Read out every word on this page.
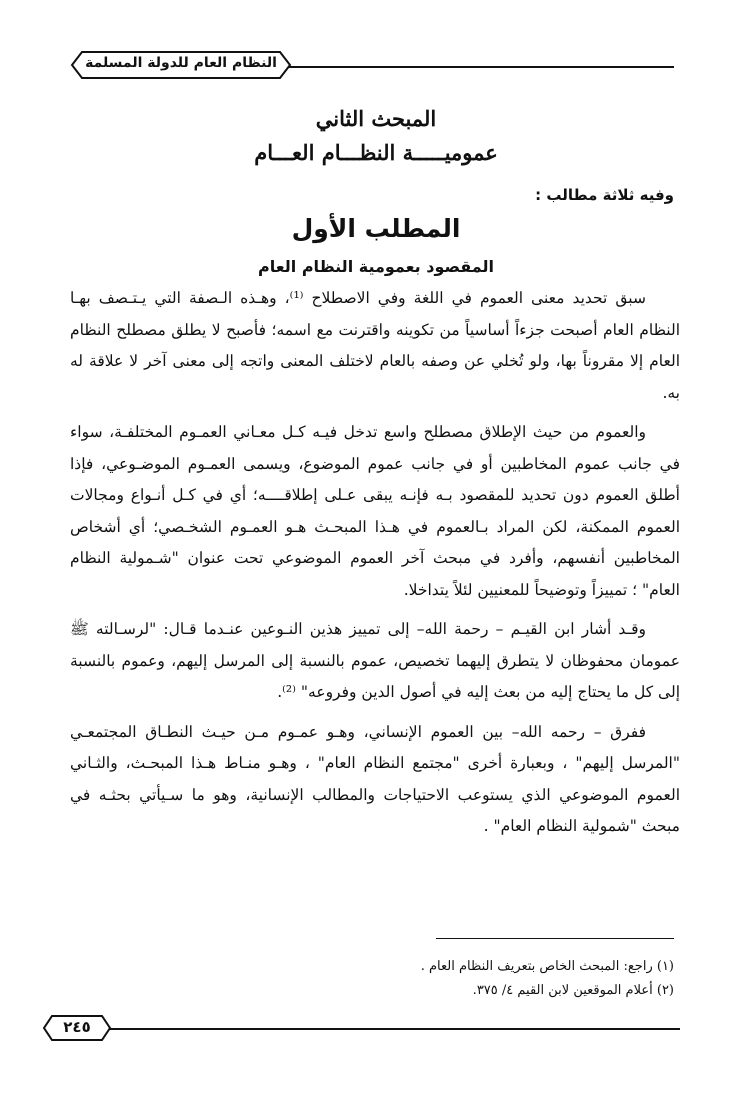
النظام العام للدولة المسلمة
المبحث الثاني
عموميـــــة النظـــام العـــام
وفيه ثلاثة مطالب :
المطلب الأول
المقصود بعمومية النظام العام

سبق تحديد معنى العموم في اللغة وفي الاصطلاح ⁽¹⁾، وهـذه الـصفة التي يـتـصف بهـا النظام العام أصبحت جزءاً أساسياً من تكوينه واقترنت مع اسمه؛ فأصبح لا يطلق مصطلح النظام العام إلا مقروناً بها، ولو تُخلي عن وصفه بالعام لاختلف المعنى واتجه إلى معنى آخر لا علاقة له به.

والعموم من حيث الإطلاق مصطلح واسع تدخل فيـه كـل معـاني العمـوم المختلفـة، سواء في جانب عموم المخاطبين أو في جانب عموم الموضوع، ويسمى العمـوم الموضـوعي، فإذا أطلق العموم دون تحديد للمقصود بـه فإنـه يبقى عـلى إطلاقــــه؛ أي في كـل أنـواع ومجالات العموم الممكنة، لكن المراد بـالعموم في هـذا المبحـث هـو العمـوم الشخـصي؛ أي أشخاص المخاطبين أنفسهم، وأفرد في مبحث آخر العموم الموضوعي تحت عنوان "شـمولية النظام العام" ؛ تمييزاً وتوضيحاً للمعنيين لئلاً يتداخلا.

وقـد أشار ابن القيـم – رحمة الله– إلى تمييز هذين النـوعين عنـدما قـال: "لرسـالته ﷺ عمومان محفوظان لا يتطرق إليهما تخصيص، عموم بالنسبة إلى المرسل إليهم، وعموم بالنسبة إلى كل ما يحتاج إليه من بعث إليه في أصول الدين وفروعه" ⁽²⁾.

ففرق – رحمه الله– بين العموم الإنساني، وهـو عمـوم مـن حيـث النطـاق المجتمعـي "المرسل إليهم" ، وبعبارة أخرى "مجتمع النظام العام" ، وهـو منـاط هـذا المبحـث، والثـاني العموم الموضوعي الذي يستوعب الاحتياجات والمطالب الإنسانية، وهو ما سـيأتي بحثـه في مبحث "شمولية النظام العام" .

(١) راجع: المبحث الخاص بتعريف النظام العام .
(٢) أعلام الموقعين لابن القيم ٤/ ٣٧٥.
٢٤٥
